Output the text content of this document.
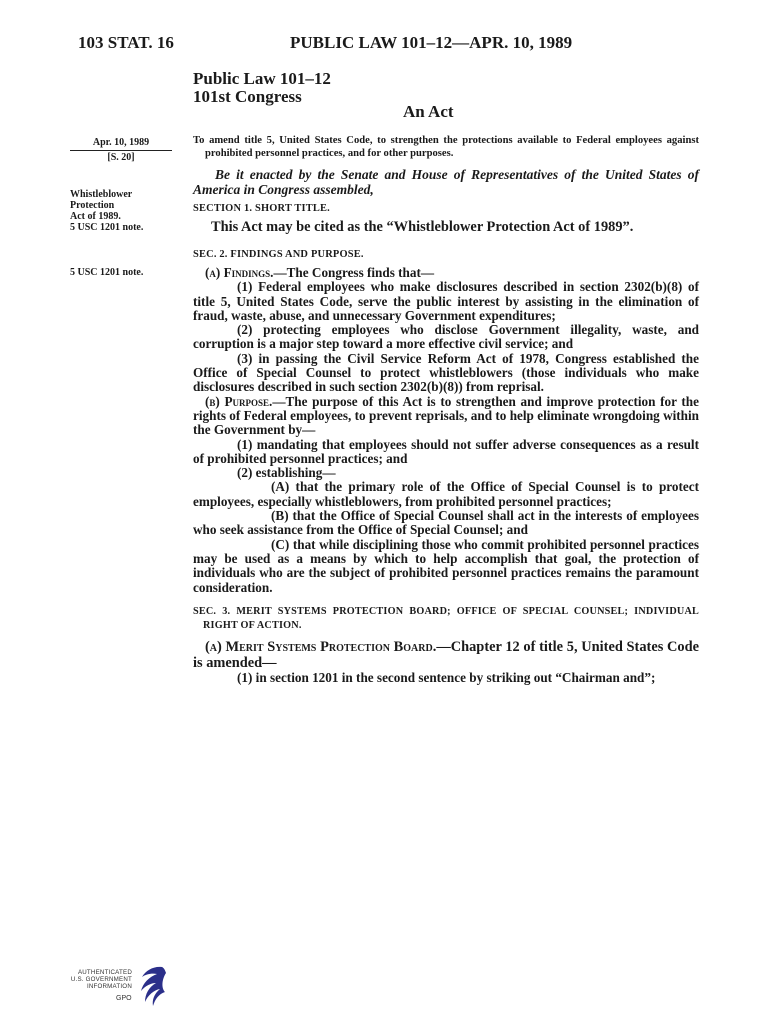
103 STAT. 16	PUBLIC LAW 101–12—APR. 10, 1989
Public Law 101–12
101st Congress
An Act
Apr. 10, 1989
[S. 20]
Whistleblower
Protection
Act of 1989.
5 USC 1201 note.
5 USC 1201 note.

To amend title 5, United States Code, to strengthen the protections available to Federal employees against prohibited personnel practices, and for other purposes.

Be it enacted by the Senate and House of Representatives of the United States of America in Congress assembled,

SECTION 1. SHORT TITLE.

This Act may be cited as the “Whistleblower Protection Act of 1989”.

SEC. 2. FINDINGS AND PURPOSE.

(a) Findings.—The Congress finds that—

(1) Federal employees who make disclosures described in section 2302(b)(8) of title 5, United States Code, serve the public interest by assisting in the elimination of fraud, waste, abuse, and unnecessary Government expenditures;

(2) protecting employees who disclose Government illegality, waste, and corruption is a major step toward a more effective civil service; and

(3) in passing the Civil Service Reform Act of 1978, Congress established the Office of Special Counsel to protect whistleblowers (those individuals who make disclosures described in such section 2302(b)(8)) from reprisal.

(b) Purpose.—The purpose of this Act is to strengthen and improve protection for the rights of Federal employees, to prevent reprisals, and to help eliminate wrongdoing within the Government by—

(1) mandating that employees should not suffer adverse consequences as a result of prohibited personnel practices; and

(2) establishing—

(A) that the primary role of the Office of Special Counsel is to protect employees, especially whistleblowers, from prohibited personnel practices;

(B) that the Office of Special Counsel shall act in the interests of employees who seek assistance from the Office of Special Counsel; and

(C) that while disciplining those who commit prohibited personnel practices may be used as a means by which to help accomplish that goal, the protection of individuals who are the subject of prohibited personnel practices remains the paramount consideration.

SEC. 3. MERIT SYSTEMS PROTECTION BOARD; OFFICE OF SPECIAL COUNSEL; INDIVIDUAL RIGHT OF ACTION.

(a) Merit Systems Protection Board.—Chapter 12 of title 5, United States Code is amended—

(1) in section 1201 in the second sentence by striking out “Chairman and”;

AUTHENTICATED
U.S. GOVERNMENT
INFORMATION
GPO
